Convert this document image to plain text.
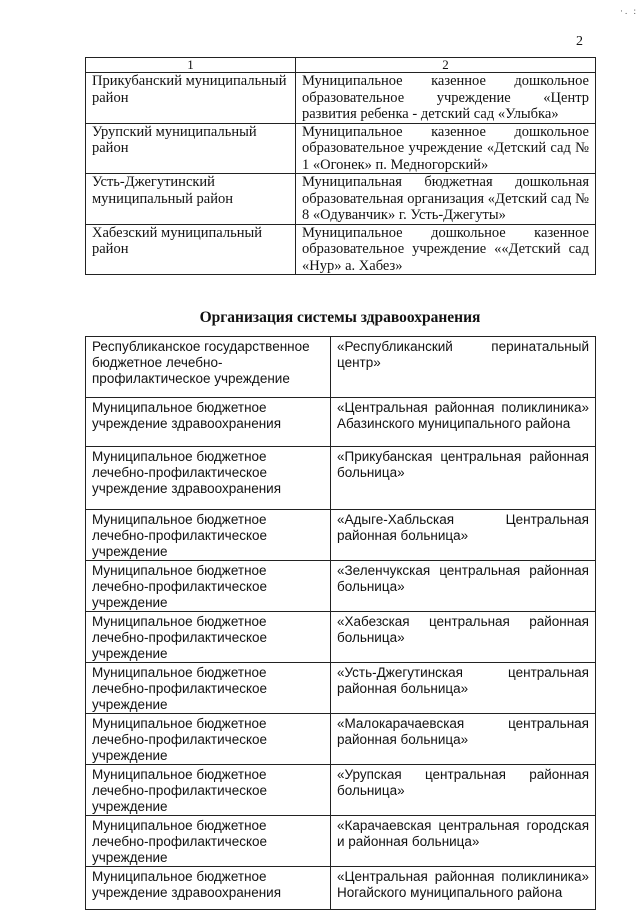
·. :
2
1	2
Прикубанский муниципальный район	Муниципальное казенное дошкольное образовательное учреждение «Центр развития ребенка - детский сад «Улыбка»
Урупский муниципальный район	Муниципальное казенное дошкольное образовательное учреждение «Детский сад № 1 «Огонек» п. Медногорский»
Усть-Джегутинский муниципальный район	Муниципальная бюджетная дошкольная образовательная организация «Детский сад № 8 «Одуванчик» г. Усть-Джегуты»
Хабезский муниципальный район	Муниципальное дошкольное казенное образовательное учреждение ««Детский сад «Нур» а. Хабез»
Организация системы здравоохранения
Республиканское государственное бюджетное лечебно-профилактическое учреждение	«Республиканский перинатальный центр»
Муниципальное бюджетное учреждение здравоохранения	«Центральная районная поликлиника» Абазинского муниципального района
Муниципальное бюджетное лечебно-профилактическое учреждение здравоохранения	«Прикубанская центральная районная больница»
Муниципальное бюджетное лечебно-профилактическое учреждение	«Адыге-Хабльская Центральная районная больница»
Муниципальное бюджетное лечебно-профилактическое учреждение	«Зеленчукская центральная районная больница»
Муниципальное бюджетное лечебно-профилактическое учреждение	«Хабезская центральная районная больница»
Муниципальное бюджетное лечебно-профилактическое учреждение	«Усть-Джегутинская центральная районная больница»
Муниципальное бюджетное лечебно-профилактическое учреждение	«Малокарачаевская центральная районная больница»
Муниципальное бюджетное лечебно-профилактическое учреждение	«Урупская центральная районная больница»
Муниципальное бюджетное лечебно-профилактическое учреждение	«Карачаевская центральная городская и районная больница»
Муниципальное бюджетное учреждение здравоохранения	«Центральная районная поликлиника» Ногайского муниципального района
